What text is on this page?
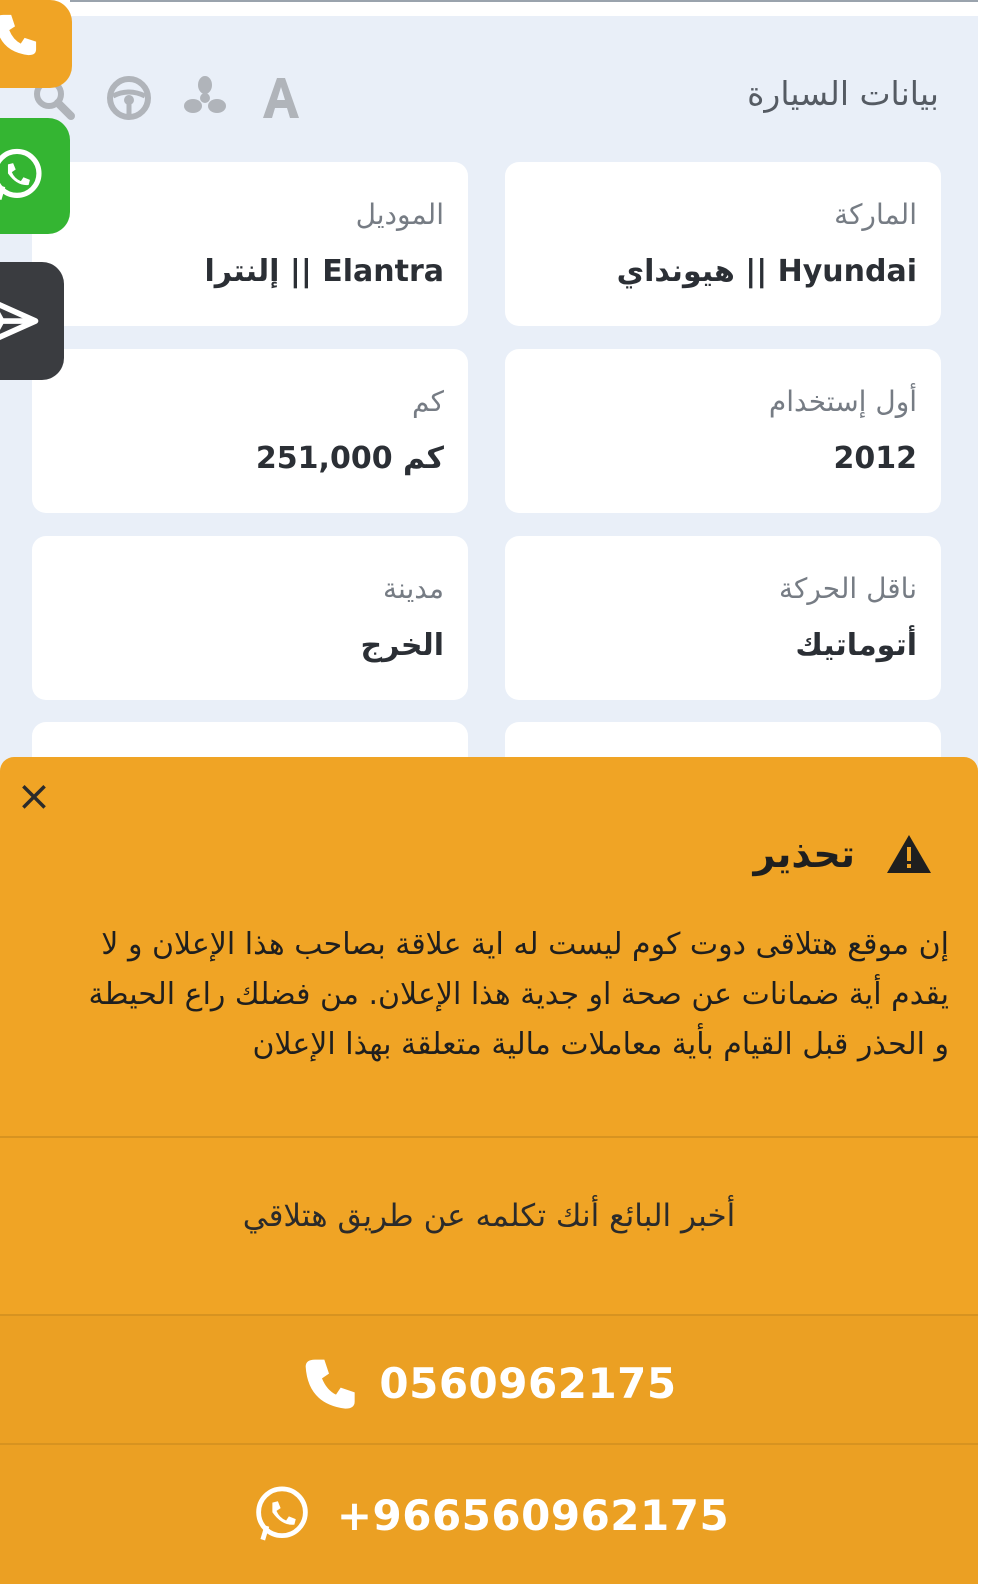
بيانات السيارة
الماركة
هيونداي || Hyundai
الموديل
إلنترا || Elantra
أول إستخدام
2012
كم
251,000 كم
ناقل الحركة
أتوماتيك
مدينة
الخرج
×
تحذير
إن موقع هتلاقى دوت كوم ليست له اية علاقة بصاحب هذا الإعلان و لا يقدم أية ضمانات عن صحة او جدية هذا الإعلان. من فضلك راع الحيطة و الحذر قبل القيام بأية معاملات مالية متعلقة بهذا الإعلان
أخبر البائع أنك تكلمه عن طريق هتلاقي
0560962175
+966560962175
